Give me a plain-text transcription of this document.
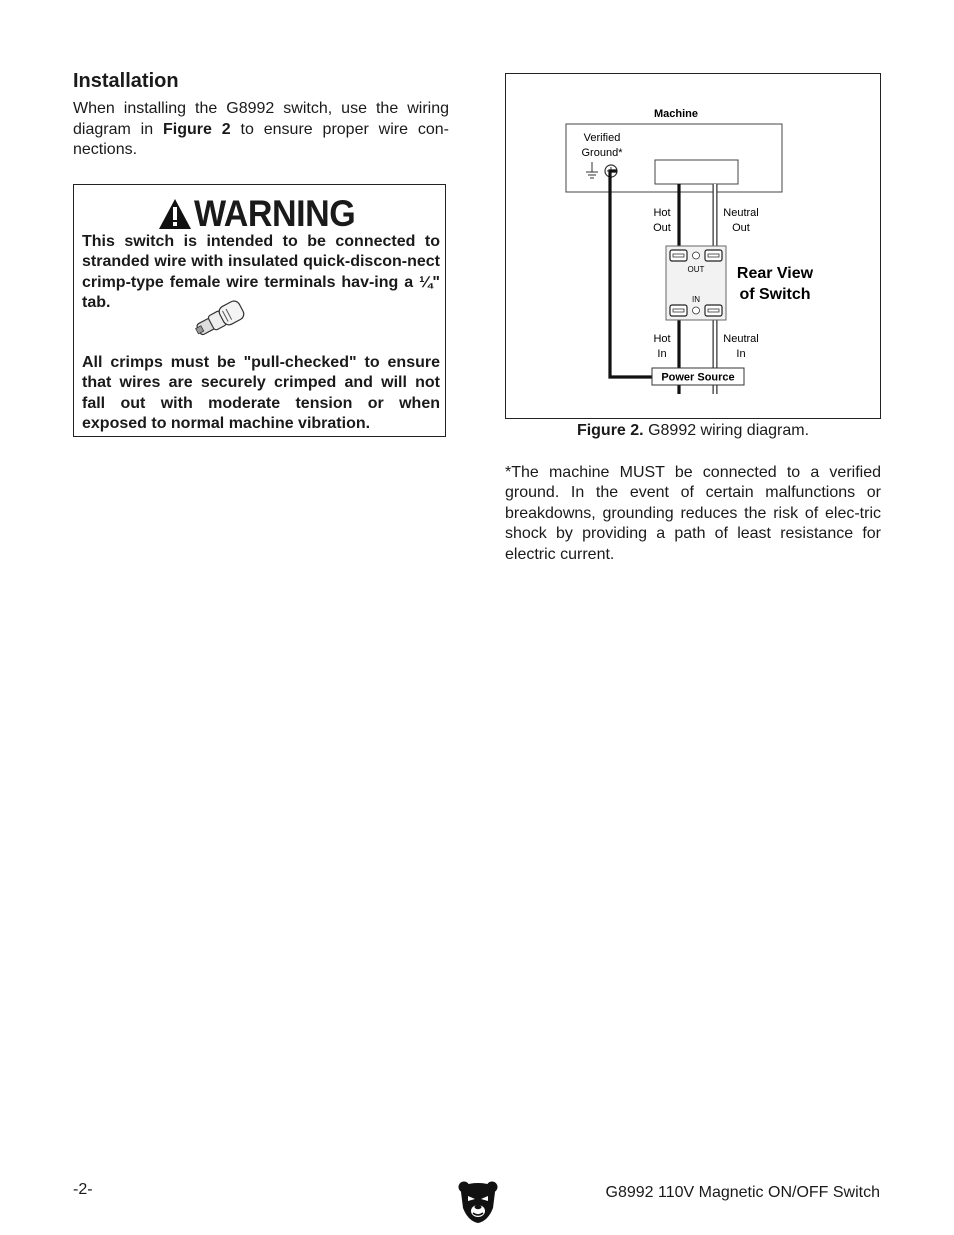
Installation

When installing the G8992 switch, use the wiring diagram in Figure 2 to ensure proper wire con-nections.

WARNING

This switch is intended to be connected to stranded wire with insulated quick-discon-nect crimp-type female wire terminals hav-ing a ¼" tab.

All crimps must be "pull-checked" to ensure that wires are securely crimped and will not fall out with moderate tension or when exposed to normal machine vibration.

Machine
Verified
Ground*
Hot
Out
Neutral
Out
OUT
IN
Rear View
of Switch
Hot
In
Neutral
In
Power Source
Figure 2. G8992 wiring diagram.

*The machine MUST be connected to a verified ground. In the event of certain malfunctions or breakdowns, grounding reduces the risk of elec-tric shock by providing a path of least resistance for electric current.

-2-	G8992 110V Magnetic ON/OFF Switch
